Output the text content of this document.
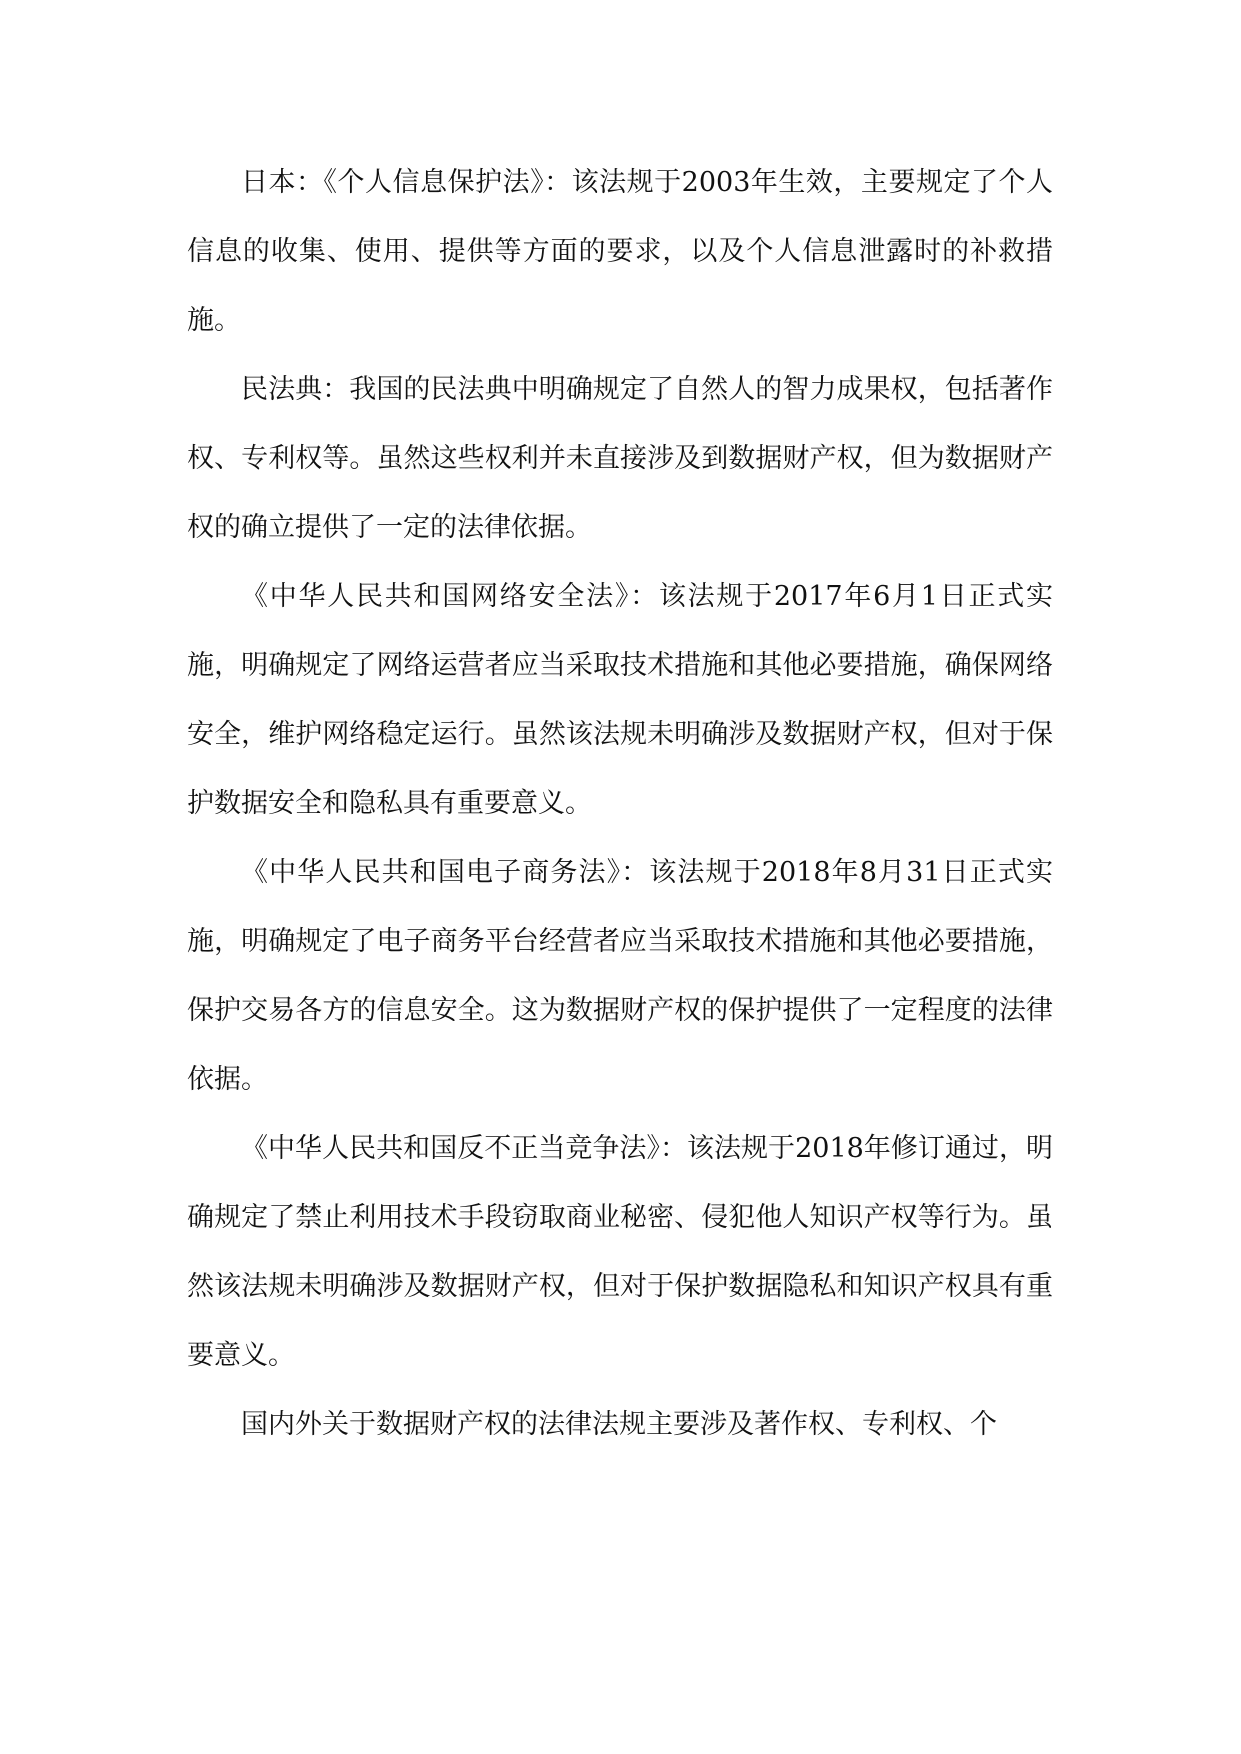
日本：《个人信息保护法》：该法规于2003年生效，主要规定了个人信息的收集、使用、提供等方面的要求，以及个人信息泄露时的补救措施。

民法典：我国的民法典中明确规定了自然人的智力成果权，包括著作权、专利权等。虽然这些权利并未直接涉及到数据财产权，但为数据财产权的确立提供了一定的法律依据。

《中华人民共和国网络安全法》：该法规于2017年6月1日正式实施，明确规定了网络运营者应当采取技术措施和其他必要措施，确保网络安全，维护网络稳定运行。虽然该法规未明确涉及数据财产权，但对于保护数据安全和隐私具有重要意义。

《中华人民共和国电子商务法》：该法规于2018年8月31日正式实施，明确规定了电子商务平台经营者应当采取技术措施和其他必要措施，保护交易各方的信息安全。这为数据财产权的保护提供了一定程度的法律依据。

《中华人民共和国反不正当竞争法》：该法规于2018年修订通过，明确规定了禁止利用技术手段窃取商业秘密、侵犯他人知识产权等行为。虽然该法规未明确涉及数据财产权，但对于保护数据隐私和知识产权具有重要意义。

国内外关于数据财产权的法律法规主要涉及著作权、专利权、个
